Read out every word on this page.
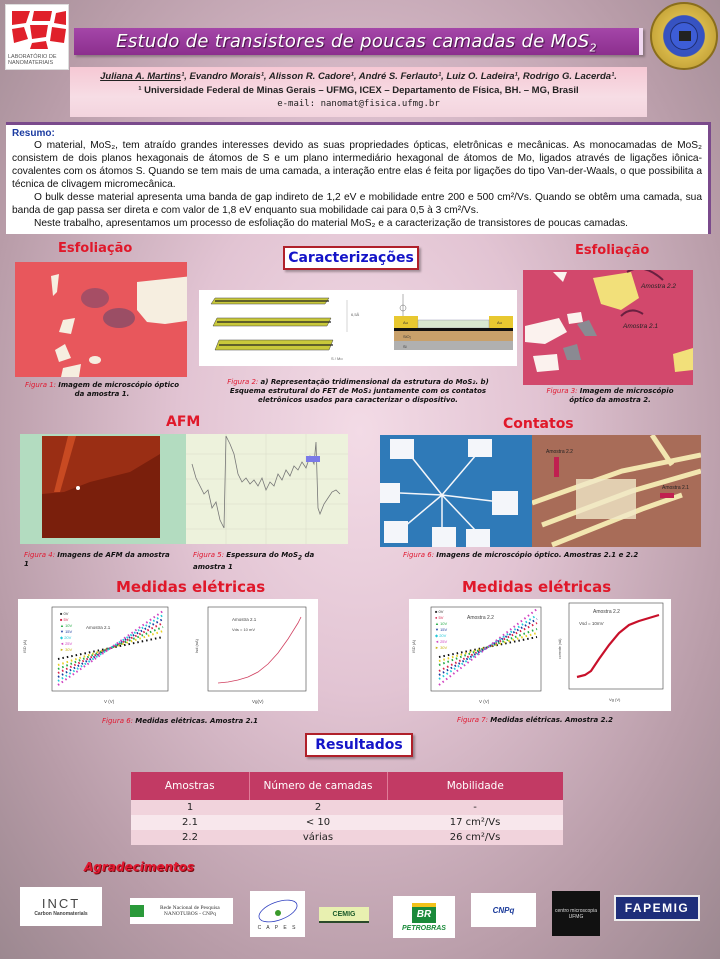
LABORATÓRIO DE NANOMATERIAIS
Estudo de transistores de poucas camadas de MoS$_2$
Juliana A. Martins¹, Evandro Morais¹, Alisson R. Cadore¹, André S. Ferlauto¹, Luiz O. Ladeira¹, Rodrigo G. Lacerda¹.
¹ Universidade Federal de Minas Gerais – UFMG, ICEX – Departamento de Física, BH. – MG, Brasil
e-mail: nanomat@fisica.ufmg.br
Resumo:

O material, MoS₂, tem atraído grandes interesses devido as suas propriedades ópticas, eletrônicas e mecânicas. As monocamadas de MoS₂ consistem de dois planos hexagonais de átomos de S e um plano intermediário hexagonal de átomos de Mo, ligados através de ligações iônica-covalentes com os átomos S. Quando se tem mais de uma camada, a interação entre elas é feita por ligações do tipo Van-der-Waals, o que possibilita a técnica de clivagem micromecânica.

O bulk desse material apresenta uma banda de gap indireto de 1,2 eV e mobilidade entre 200 e 500 cm²/Vs. Quando se obtêm uma camada, sua banda de gap passa ser direta e com valor de 1,8 eV enquanto sua mobilidade cai para 0,5 à 3 cm²/Vs.

Neste trabalho, apresentamos um processo de esfoliação do material MoS₂ e a caracterização de transistores de poucas camadas.

Esfoliação
Figura 1: Imagem de microscópio óptico da amostra 1.
Caracterizações
6,5Å
S / Mo
Au	Au
SiO₂
Si
Figura 2: a) Representação tridimensional da estrutura do MoS₂. b) Esquema estrutural do FET de MoS₂ juntamente com os contatos eletrônicos usados para caracterizar o dispositivo.
Esfoliação
Amostra 2.2
Amostra 2.1
Figura 3: Imagem de microscópio óptico da amostra 2.
AFM
Figura 4: Imagens de AFM da amostra 1
Figura 5: Espessura do MoS$_2$ da amostra 1
Contatos
Amostra 2.2
Amostra 2.1
Figura 6: Imagens de microscópio óptico. Amostras 2.1 e 2.2
Medidas elétricas
ISD (A)
V (V)
Amostra 2.1
■ 0V
■ 5V
▲ 10V
▼ 15V
◆ 20V
◄ 25V
► 30V
Amostra 2.1
Vds = 10 mV
Vg(V)
Isd (nA)
Figura 6: Medidas elétricas. Amostra 2.1
Medidas elétricas
ISD (A)
V (V)
Amostra 2.2
■ 0V
● 5V
▲ 10V
▼ 15V
◆ 20V
◄ 25V
► 30V
Amostra 2.2
Vsd = 10mV
Vg (V)
corrente (nA)
Figura 7: Medidas elétricas. Amostra 2.2
Resultados
Amostras	Número de camadas	Mobilidade
1	2	-
2.1	< 10	17 cm²/Vs
2.2	várias	26 cm²/Vs
Agradecimentos
INCT
Carbon Nanomaterials
Rede Nacional de Pesquisa NANOTUBOS - CNPq
C A P E S
CEMIG	BR
PETROBRAS
CNPq	centro microscopia UFMG
FAPEMIG
